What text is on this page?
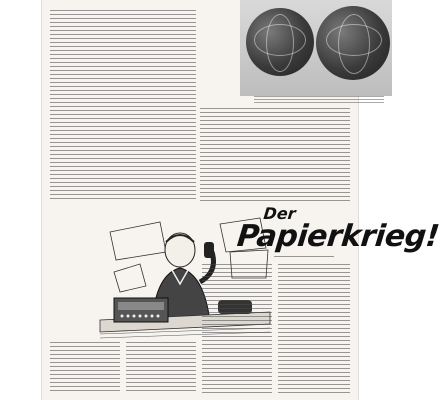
Der
Papierkrieg!
